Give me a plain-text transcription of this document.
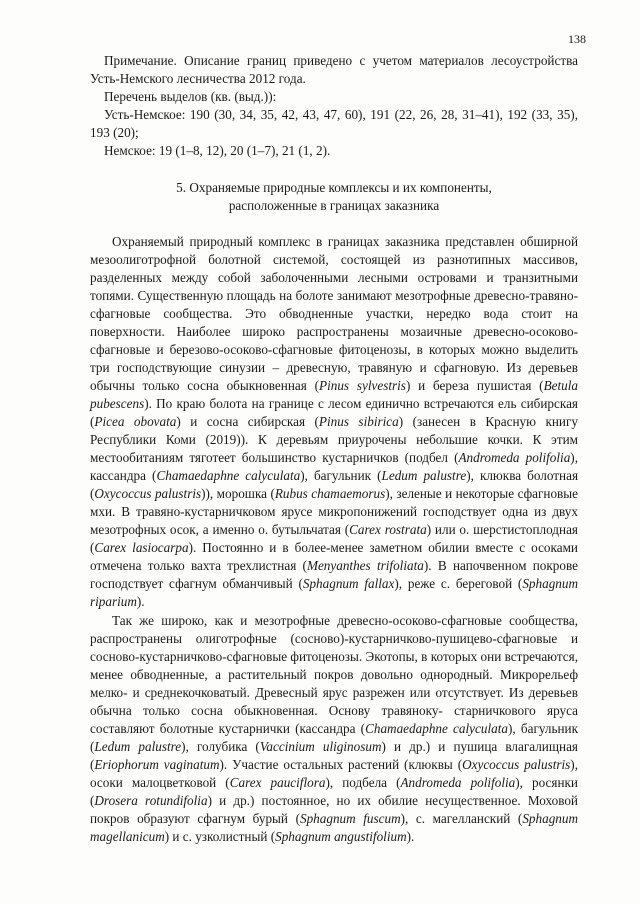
138

Примечание. Описание границ приведено с учетом материалов лесоустройства Усть-Немского лесничества 2012 года.

Перечень выделов (кв. (выд.)):

Усть-Немское: 190 (30, 34, 35, 42, 43, 47, 60), 191 (22, 26, 28, 31–41), 192 (33, 35), 193 (20);

Немское: 19 (1–8, 12), 20 (1–7), 21 (1, 2).

5. Охраняемые природные комплексы и их компоненты,
расположенные в границах заказника

Охраняемый природный комплекс в границах заказника представлен обширной мезоолиготрофной болотной системой, состоящей из разнотипных массивов, разделенных между собой заболоченными лесными островами и транзитными топями. Существенную площадь на болоте занимают мезотрофные древесно-травяно-сфагновые сообщества. Это обводненные участки, нередко вода стоит на поверхности. Наиболее широко распространены мозаичные древесно-осоково-сфагновые и березово-осоково-сфагновые фитоценозы, в которых можно выделить три господствующие синузии – древесную, травяную и сфагновую. Из деревьев обычны только сосна обыкновенная (Pinus sylvestris) и береза пушистая (Betula pubescens). По краю болота на границе с лесом единично встречаются ель сибирская (Picea obovata) и сосна сибирская (Pinus sibirica) (занесен в Красную книгу Республики Коми (2019)). К деревьям приурочены небольшие кочки. К этим местообитаниям тяготеет большинство кустарничков (подбел (Andromeda polifolia), кассандра (Chamaedaphne calyculata), багульник (Ledum palustre), клюква болотная (Oxycoccus palustris)), морошка (Rubus chamaemorus), зеленые и некоторые сфагновые мхи. В травяно-кустарничковом ярусе микропонижений господствует одна из двух мезотрофных осок, а именно о. бутыльчатая (Carex rostrata) или о. шерстистоплодная (Carex lasiocarpa). Постоянно и в более-менее заметном обилии вместе с осоками отмечена только вахта трехлистная (Menyanthes trifoliata). В напочвенном покрове господствует сфагнум обманчивый (Sphagnum fallax), реже с. береговой (Sphagnum riparium).

Так же широко, как и мезотрофные древесно-осоково-сфагновые сообщества, распространены олиготрофные (сосново)-кустарничково-пушицево-сфагновые и сосново-кустарничково-сфагновые фитоценозы. Экотопы, в которых они встречаются, менее обводненные, а растительный покров довольно однородный. Микрорельеф мелко- и среднекочковатый. Древесный ярус разрежен или отсутствует. Из деревьев обычна только сосна обыкновенная. Основу травяноку- старничкового яруса составляют болотные кустарнички (кассандра (Chamaedaphne calyculata), багульник (Ledum palustre), голубика (Vaccinium uliginosum) и др.) и пушица влагалищная (Eriophorum vaginatum). Участие остальных растений (клюквы (Oxycoccus palustris), осоки малоцветковой (Carex pauciflora), подбела (Andromeda polifolia), росянки (Drosera rotundifolia) и др.) постоянное, но их обилие несущественное. Моховой покров образуют сфагнум бурый (Sphagnum fuscum), с. магелланский (Sphagnum magellanicum) и с. узколистный (Sphagnum angustifolium).
